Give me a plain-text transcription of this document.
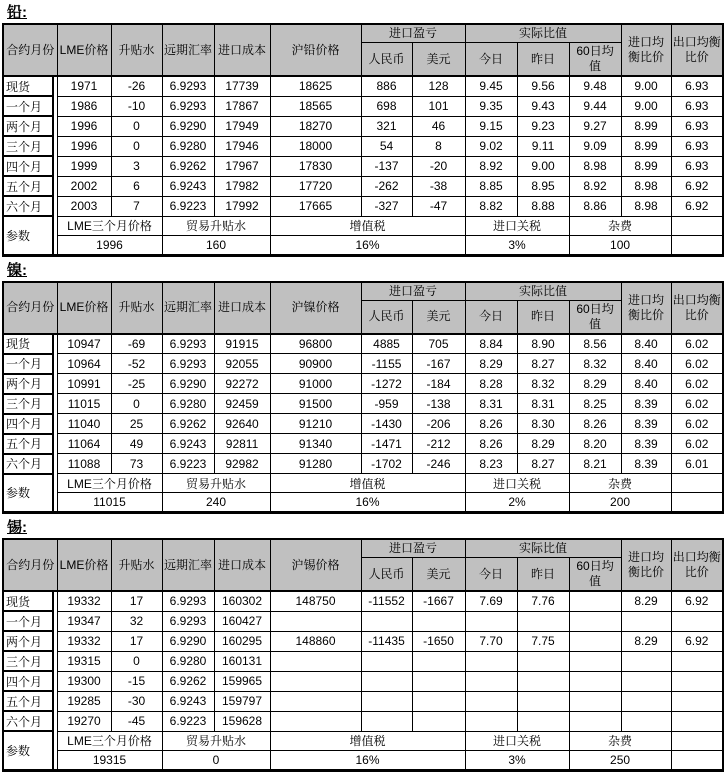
铅:
合约月份		LME价格	升贴水	远期汇率	进口成本	沪铅价格	进口盈亏		实际比值			进口均衡比价	出口均衡比价
							人民币	美元	今日	昨日	60日均值		
现货		1971	-26	6.9293	17739	18625	886	128	9.45	9.56	9.48	9.00	6.93
一个月		1986	-10	6.9293	17867	18565	698	101	9.35	9.43	9.44	9.00	6.93
两个月		1996	0	6.9290	17949	18270	321	46	9.15	9.23	9.27	8.99	6.93
三个月		1996	0	6.9280	17946	18000	54	8	9.02	9.11	9.09	8.99	6.93
四个月		1999	3	6.9262	17967	17830	-137	-20	8.92	9.00	8.98	8.99	6.93
五个月		2002	6	6.9243	17982	17720	-262	-38	8.85	8.95	8.92	8.98	6.92
六个月		2003	7	6.9223	17992	17665	-327	-47	8.82	8.88	8.86	8.98	6.92
参数		LME三个月价格		贸易升贴水		增值税			进口关税		杂费		
		1996		160		16%			3%		100		
镍:
合约月份		LME价格	升贴水	远期汇率	进口成本	沪镍价格	进口盈亏		实际比值			进口均衡比价	出口均衡比价
							人民币	美元	今日	昨日	60日均值		
现货		10947	-69	6.9293	91915	96800	4885	705	8.84	8.90	8.56	8.40	6.02
一个月		10964	-52	6.9293	92055	90900	-1155	-167	8.29	8.27	8.32	8.40	6.02
两个月		10991	-25	6.9290	92272	91000	-1272	-184	8.28	8.32	8.29	8.40	6.02
三个月		11015	0	6.9280	92459	91500	-959	-138	8.31	8.31	8.25	8.39	6.02
四个月		11040	25	6.9262	92640	91210	-1430	-206	8.26	8.30	8.26	8.39	6.02
五个月		11064	49	6.9243	92811	91340	-1471	-212	8.26	8.29	8.20	8.39	6.02
六个月		11088	73	6.9223	92982	91280	-1702	-246	8.23	8.27	8.21	8.39	6.01
参数		LME三个月价格		贸易升贴水		增值税			进口关税		杂费		
		11015		240		16%			2%		200		
锡:
合约月份		LME价格	升贴水	远期汇率	进口成本	沪锡价格	进口盈亏		实际比值			进口均衡比价	出口均衡比价
							人民币	美元	今日	昨日	60日均值		
现货		19332	17	6.9293	160302	148750	-11552	-1667	7.69	7.76		8.29	6.92
一个月		19347	32	6.9293	160427								
两个月		19332	17	6.9290	160295	148860	-11435	-1650	7.70	7.75		8.29	6.92
三个月		19315	0	6.9280	160131								
四个月		19300	-15	6.9262	159965								
五个月		19285	-30	6.9243	159797								
六个月		19270	-45	6.9223	159628								
参数		LME三个月价格		贸易升贴水		增值税			进口关税		杂费		
		19315		0		16%			3%		250		
